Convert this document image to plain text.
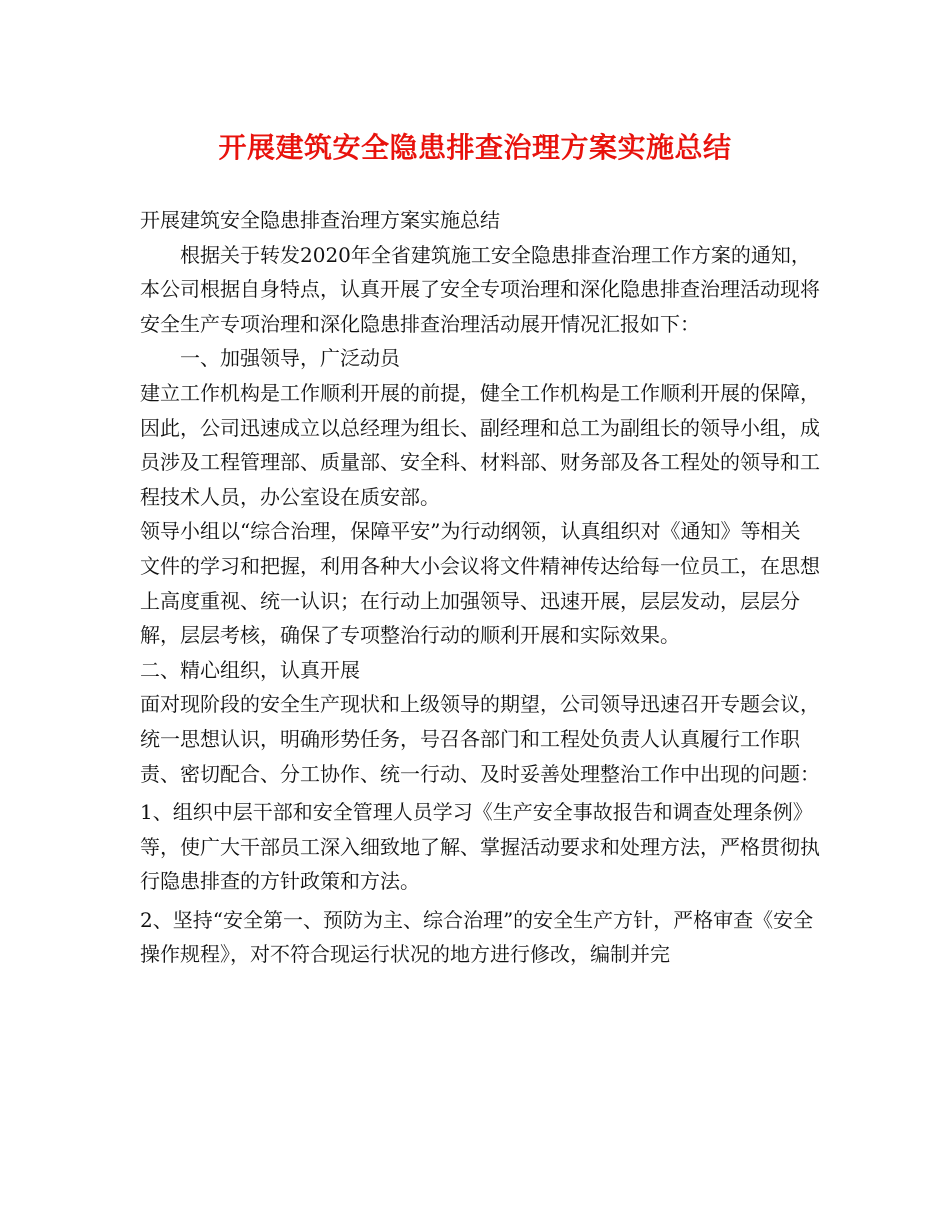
开展建筑安全隐患排查治理方案实施总结

开展建筑安全隐患排查治理方案实施总结

根据关于转发2020年全省建筑施工安全隐患排查治理工作方案的通知，本公司根据自身特点，认真开展了安全专项治理和深化隐患排查治理活动现将安全生产专项治理和深化隐患排查治理活动展开情况汇报如下：

一、加强领导，广泛动员

建立工作机构是工作顺利开展的前提，健全工作机构是工作顺利开展的保障，因此，公司迅速成立以总经理为组长、副经理和总工为副组长的领导小组，成员涉及工程管理部、质量部、安全科、材料部、财务部及各工程处的领导和工程技术人员，办公室设在质安部。

领导小组以“综合治理，保障平安”为行动纲领，认真组织对《通知》等相关文件的学习和把握，利用各种大小会议将文件精神传达给每一位员工，在思想上高度重视、统一认识；在行动上加强领导、迅速开展，层层发动，层层分解，层层考核，确保了专项整治行动的顺利开展和实际效果。

二、精心组织，认真开展

面对现阶段的安全生产现状和上级领导的期望，公司领导迅速召开专题会议，统一思想认识，明确形势任务，号召各部门和工程处负责人认真履行工作职责、密切配合、分工协作、统一行动、及时妥善处理整治工作中出现的问题：

1、组织中层干部和安全管理人员学习《生产安全事故报告和调查处理条例》等，使广大干部员工深入细致地了解、掌握活动要求和处理方法，严格贯彻执行隐患排查的方针政策和方法。

2、坚持“安全第一、预防为主、综合治理”的安全生产方针，严格审查《安全操作规程》，对不符合现运行状况的地方进行修改，编制并完
